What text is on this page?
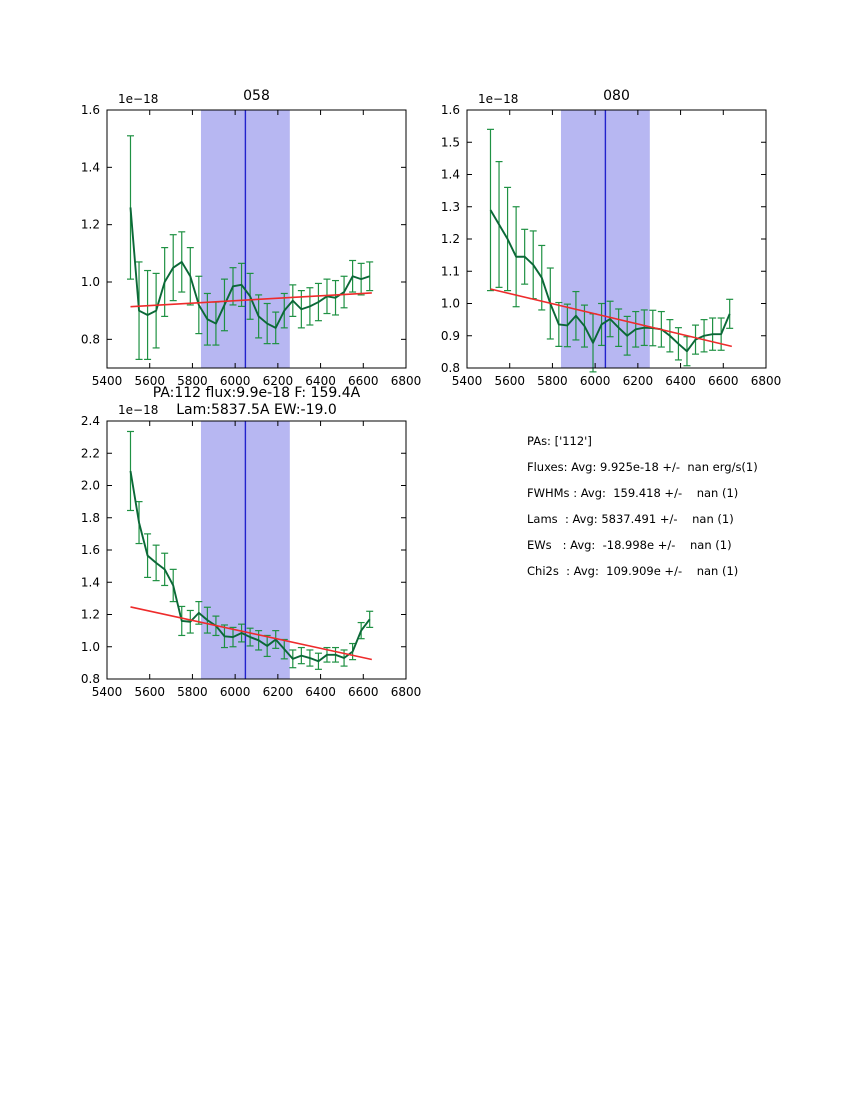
5400 5600 5800 6000 6200 6400 6600 6800
0.8
1.0
1.2
1.4
1.6
058
1e−18
5400 5600 5800 6000 6200 6400 6600 6800
0.8
0.9
1.0
1.1
1.2
1.3
1.4
1.5
1.6
080
1e−18
5400 5600 5800 6000 6200 6400 6600 6800
0.8
1.0
1.2
1.4
1.6
1.8
2.0
2.2
2.4
PA:112 flux:9.9e-18 F: 159.4A
Lam:5837.5A EW:-19.0
1e−18
PAs: ['112']
Fluxes: Avg: 9.925e-18 +/-  nan erg/s(1)
FWHMs : Avg:  159.418 +/-    nan (1)
Lams  : Avg: 5837.491 +/-    nan (1)
EWs   : Avg:  -18.998e +/-    nan (1)
Chi2s  : Avg:  109.909e +/-    nan (1)
